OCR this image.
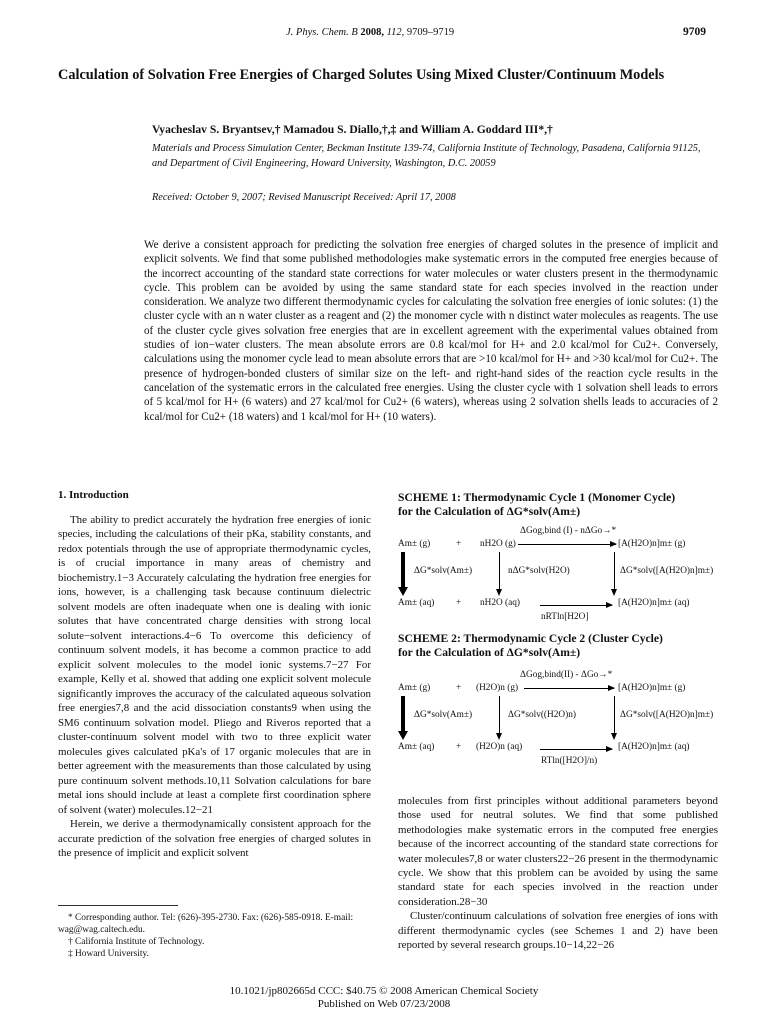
J. Phys. Chem. B 2008, 112, 9709–9719	9709
Calculation of Solvation Free Energies of Charged Solutes Using Mixed Cluster/Continuum Models
Vyacheslav S. Bryantsev,† Mamadou S. Diallo,†,‡ and William A. Goddard III*,†
Materials and Process Simulation Center, Beckman Institute 139-74, California Institute of Technology, Pasadena, California 91125, and Department of Civil Engineering, Howard University, Washington, D.C. 20059
Received: October 9, 2007; Revised Manuscript Received: April 17, 2008
We derive a consistent approach for predicting the solvation free energies of charged solutes in the presence of implicit and explicit solvents. We find that some published methodologies make systematic errors in the computed free energies because of the incorrect accounting of the standard state corrections for water molecules or water clusters present in the thermodynamic cycle. This problem can be avoided by using the same standard state for each species involved in the reaction under consideration. We analyze two different thermodynamic cycles for calculating the solvation free energies of ionic solutes: (1) the cluster cycle with an n water cluster as a reagent and (2) the monomer cycle with n distinct water molecules as reagents. The use of the cluster cycle gives solvation free energies that are in excellent agreement with the experimental values obtained from studies of ion−water clusters. The mean absolute errors are 0.8 kcal/mol for H+ and 2.0 kcal/mol for Cu2+. Conversely, calculations using the monomer cycle lead to mean absolute errors that are >10 kcal/mol for H+ and >30 kcal/mol for Cu2+. The presence of hydrogen-bonded clusters of similar size on the left- and right-hand sides of the reaction cycle results in the cancelation of the systematic errors in the calculated free energies. Using the cluster cycle with 1 solvation shell leads to errors of 5 kcal/mol for H+ (6 waters) and 27 kcal/mol for Cu2+ (6 waters), whereas using 2 solvation shells leads to accuracies of 2 kcal/mol for Cu2+ (18 waters) and 1 kcal/mol for H+ (10 waters).
1. Introduction

The ability to predict accurately the hydration free energies of ionic species, including the calculations of their pKa, stability constants, and redox potentials through the use of appropriate thermodynamic cycles, is of crucial importance in many areas of chemistry and biochemistry.1−3 Accurately calculating the hydration free energies for ions, however, is a challenging task because continuum dielectric solvent models are often inadequate when one is dealing with ionic solutes that have concentrated charge densities with strong local solute−solvent interactions.4−6 To overcome this deficiency of continuum solvent models, it has become a common practice to add explicit solvent molecules to the model ionic systems.7−27 For example, Kelly et al. showed that adding one explicit solvent molecule significantly improves the accuracy of the calculated aqueous solvation free energies7,8 and the acid dissociation constants9 when using the SM6 continuum solvation model. Pliego and Riveros reported that a cluster-continuum solvent model with two to three explicit water molecules gives calculated pKa's of 17 organic molecules that are in better agreement with the measurements than those calculated by using pure continuum solvent methods.10,11 Solvation calculations for bare metal ions should include at least a complete first coordination sphere of solvent (water) molecules.12−21

Herein, we derive a thermodynamically consistent approach for the accurate prediction of the solvation free energies of charged solutes in the presence of implicit and explicit solvent

* Corresponding author. Tel: (626)-395-2730. Fax: (626)-585-0918. E-mail: wag@wag.caltech.edu.
† California Institute of Technology.
‡ Howard University.
SCHEME 1: Thermodynamic Cycle 1 (Monomer Cycle)
for the Calculation of ΔG*solv(Am±)
ΔGog,bind (I) - nΔGo→*
Am± (g)	+ nH2O (g)	[A(H2O)n]m± (g)
ΔG*solv(Am±)	nΔG*solv(H2O)	ΔG*solv([A(H2O)n]m±)
Am± (aq) + nH2O (aq)	[A(H2O)n]m± (aq)
nRTln[H2O]
SCHEME 2: Thermodynamic Cycle 2 (Cluster Cycle)
for the Calculation of ΔG*solv(Am±)
ΔGog,bind(II) - ΔGo→*
Am± (g)	+ (H2O)n (g)	[A(H2O)n]m± (g)
ΔG*solv(Am±)	ΔG*solv((H2O)n)	ΔG*solv([A(H2O)n]m±)
Am± (aq) + (H2O)n (aq)	[A(H2O)n]m± (aq)
RTln([H2O]/n)

molecules from first principles without additional parameters beyond those used for neutral solutes. We find that some published methodologies make systematic errors in the computed free energies because of the incorrect accounting of the standard state corrections for water molecules7,8 or water clusters22−26 present in the thermodynamic cycle. We show that this problem can be avoided by using the same standard state for each species involved in the reaction under consideration.28−30

Cluster/continuum calculations of solvation free energies of ions with different thermodynamic cycles (see Schemes 1 and 2) have been reported by several research groups.10−14,22−26

10.1021/jp802665d CCC: $40.75 © 2008 American Chemical Society
Published on Web 07/23/2008
